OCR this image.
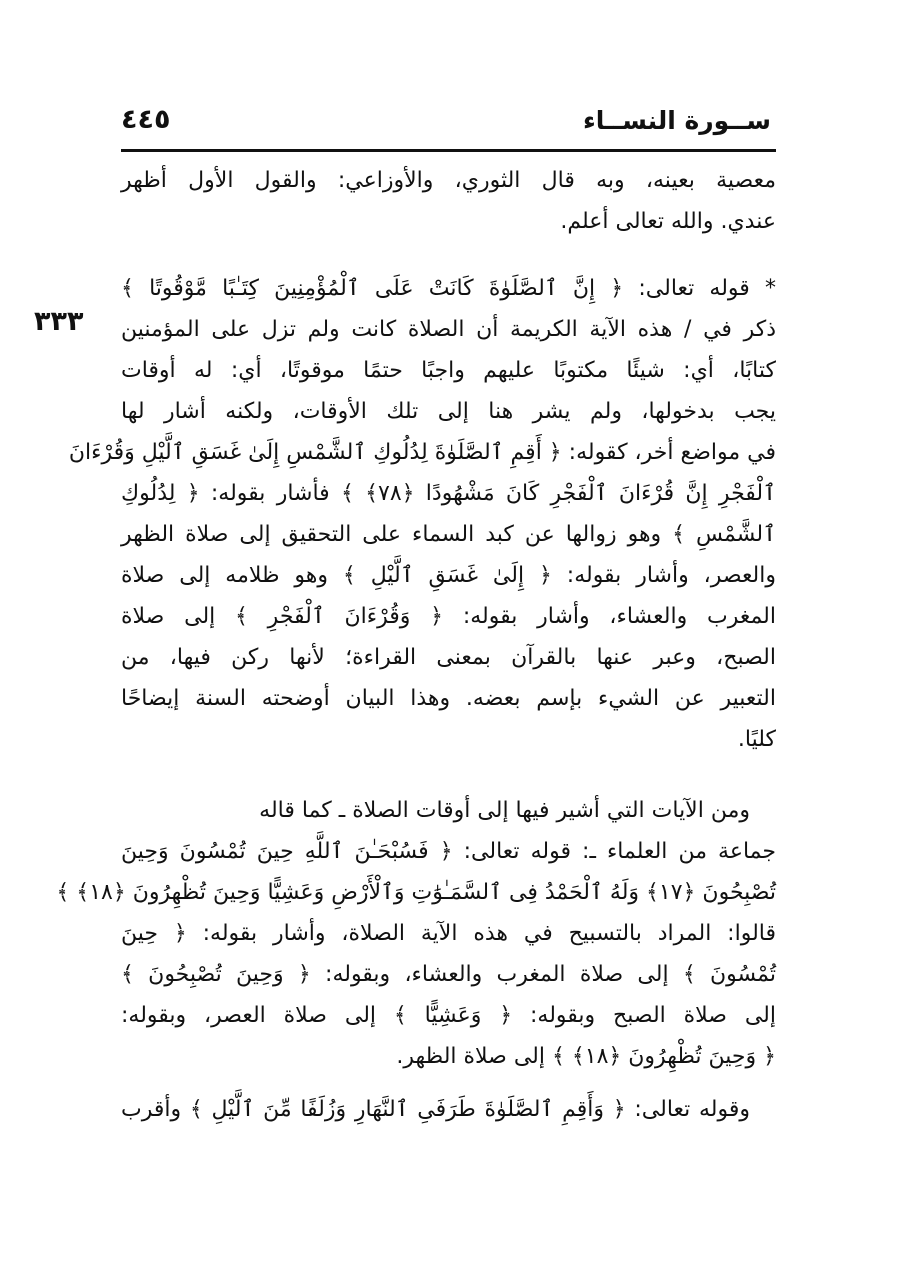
ســورة النســاء
٤٤٥
٣٣٣
معصية بعينه، وبه قال الثوري، والأوزاعي: والقول الأول أظهر
عندي. والله تعالى أعلم.
* قوله تعالى: ﴿ إِنَّ ٱلصَّلَوٰةَ كَانَتْ عَلَى ٱلْمُؤْمِنِينَ كِتَـٰبًا مَّوْقُوتًا ﴾
ذكر في / هذه الآية الكريمة أن الصلاة كانت ولم تزل على المؤمنين
كتابًا، أي: شيئًا مكتوبًا عليهم واجبًا حتمًا موقوتًا، أي: له أوقات
يجب بدخولها، ولم يشر هنا إلى تلك الأوقات، ولكنه أشار لها
في مواضع أخر، كقوله: ﴿ أَقِمِ ٱلصَّلَوٰةَ لِدُلُوكِ ٱلشَّمْسِ إِلَىٰ غَسَقِ ٱلَّيْلِ وَقُرْءَانَ
ٱلْفَجْرِ إِنَّ قُرْءَانَ ٱلْفَجْرِ كَانَ مَشْهُودًا ﴿٧٨﴾ ﴾ فأشار بقوله: ﴿ لِدُلُوكِ
ٱلشَّمْسِ ﴾ وهو زوالها عن كبد السماء على التحقيق إلى صلاة الظهر
والعصر، وأشار بقوله: ﴿ إِلَىٰ غَسَقِ ٱلَّيْلِ ﴾ وهو ظلامه إلى صلاة
المغرب والعشاء، وأشار بقوله: ﴿ وَقُرْءَانَ ٱلْفَجْرِ ﴾ إلى صلاة
الصبح، وعبر عنها بالقرآن بمعنى القراءة؛ لأنها ركن فيها، من
التعبير عن الشيء بإسم بعضه. وهذا البيان أوضحته السنة إيضاحًا
كليًا.
ومن الآيات التي أشير فيها إلى أوقات الصلاة ـ كما قاله
جماعة من العلماء ـ: قوله تعالى: ﴿ فَسُبْحَـٰنَ ٱللَّهِ حِينَ تُمْسُونَ وَحِينَ
تُصْبِحُونَ ﴿١٧﴾ وَلَهُ ٱلْحَمْدُ فِى ٱلسَّمَـٰوَٰتِ وَٱلْأَرْضِ وَعَشِيًّا وَحِينَ تُظْهِرُونَ ﴿١٨﴾ ﴾
قالوا: المراد بالتسبيح في هذه الآية الصلاة، وأشار بقوله: ﴿ حِينَ
تُمْسُونَ ﴾ إلى صلاة المغرب والعشاء، وبقوله: ﴿ وَحِينَ تُصْبِحُونَ ﴾
إلى صلاة الصبح وبقوله: ﴿ وَعَشِيًّا ﴾ إلى صلاة العصر، وبقوله:
﴿ وَحِينَ تُظْهِرُونَ ﴿١٨﴾ ﴾ إلى صلاة الظهر.
وقوله تعالى: ﴿ وَأَقِمِ ٱلصَّلَوٰةَ طَرَفَىِ ٱلنَّهَارِ وَزُلَفًا مِّنَ ٱلَّيْلِ ﴾ وأقرب
